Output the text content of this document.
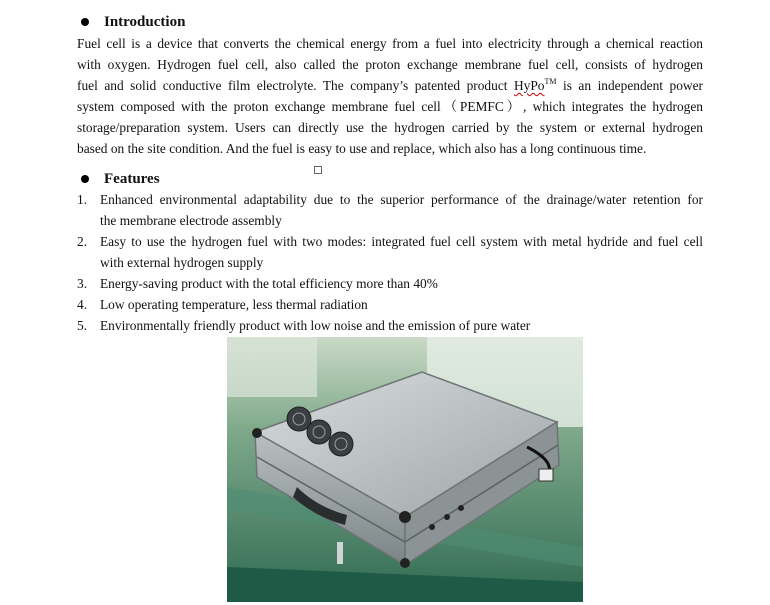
Introduction
Fuel cell is a device that converts the chemical energy from a fuel into electricity through a chemical reaction
with oxygen. Hydrogen fuel cell, also called the proton exchange membrane fuel cell, consists of hydrogen
fuel and solid conductive film electrolyte. The company’s patented product HyPo™ is an independent power
system composed with the proton exchange membrane fuel cell（PEMFC）, which integrates the hydrogen
storage/preparation system. Users can directly use the hydrogen carried by the system or external hydrogen
based on the site condition. And the fuel is easy to use and replace, which also has a long continuous time.
Features
1. Enhanced environmental adaptability due to the superior performance of the drainage/water retention for
the membrane electrode assembly
2. Easy to use the hydrogen fuel with two modes: integrated fuel cell system with metal hydride and fuel cell
with external hydrogen supply
3. Energy-saving product with the total efficiency more than 40%
4. Low operating temperature, less thermal radiation
5. Environmentally friendly product with low noise and the emission of pure water
